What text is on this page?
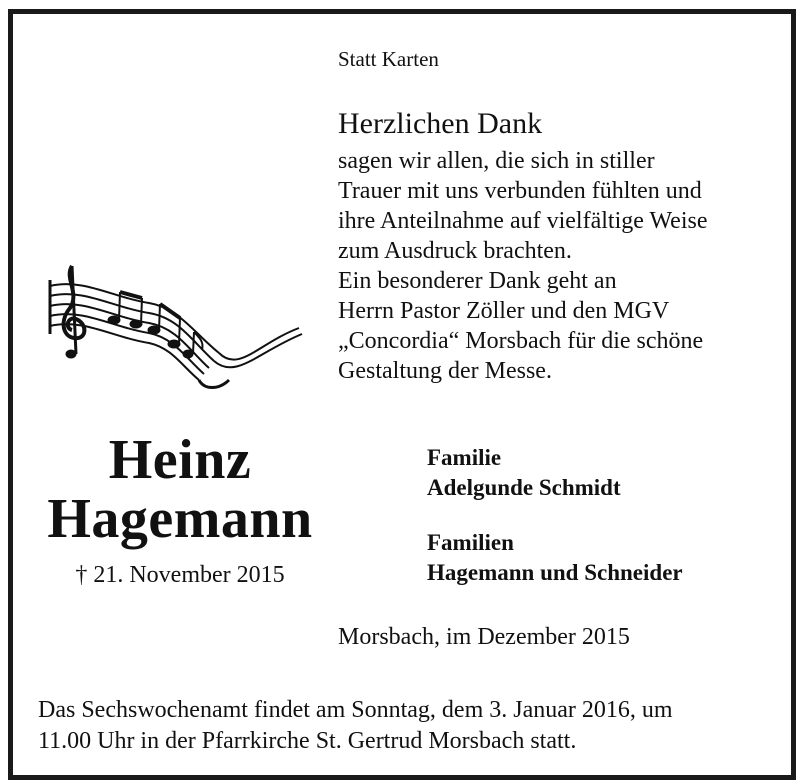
Statt Karten
Herzlichen Dank
sagen wir allen, die sich in stiller
Trauer mit uns verbunden fühlten und
ihre Anteilnahme auf vielfältige Weise
zum Ausdruck brachten.
Ein besonderer Dank geht an
Herrn Pastor Zöller und den MGV
„Concordia“ Morsbach für die schöne
Gestaltung der Messe.
Heinz
Hagemann
† 21. November 2015
Familie
Adelgunde Schmidt
Familien
Hagemann und Schneider
Morsbach, im Dezember 2015
Das Sechswochenamt findet am Sonntag, dem 3. Januar 2016, um
11.00 Uhr in der Pfarrkirche St. Gertrud Morsbach statt.
